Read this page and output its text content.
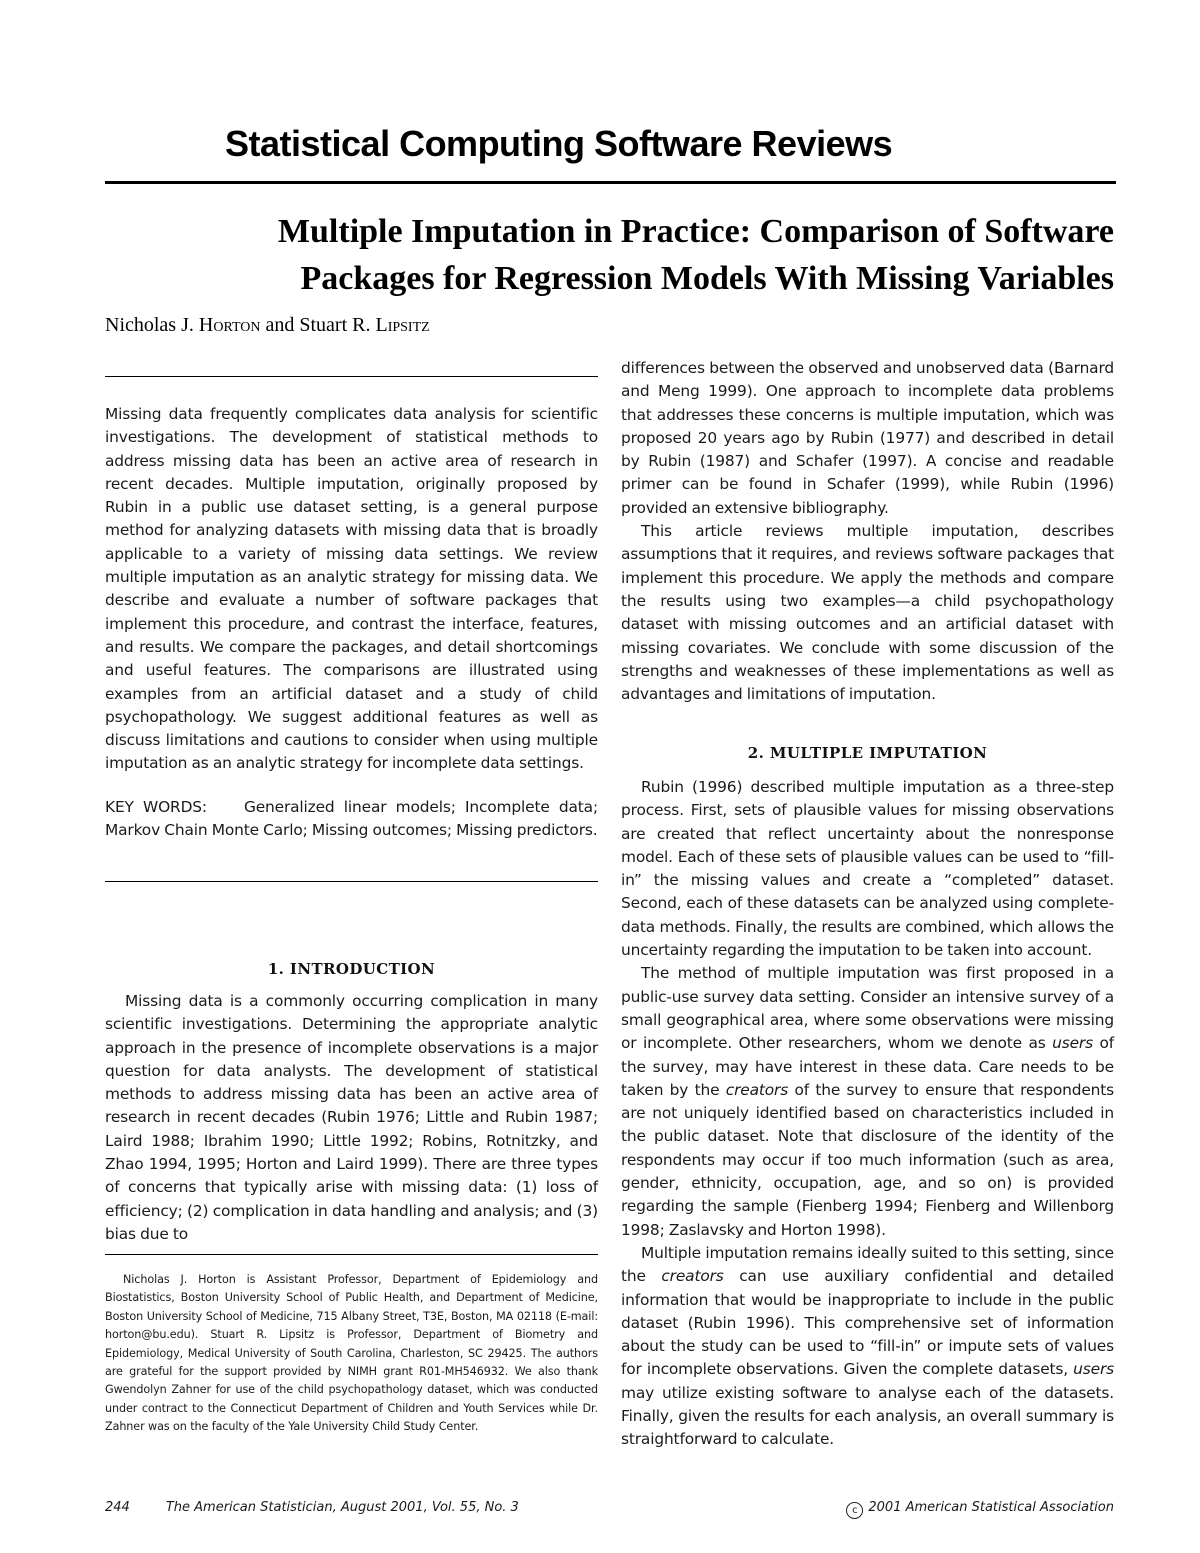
Statistical Computing Software Reviews
Multiple Imputation in Practice: Comparison of Software
Packages for Regression Models With Missing Variables

Nicholas J. Horton and Stuart R. Lipsitz

Missing data frequently complicates data analysis for scientific investigations. The development of statistical methods to address missing data has been an active area of research in recent decades. Multiple imputation, originally proposed by Rubin in a public use dataset setting, is a general purpose method for analyzing datasets with missing data that is broadly applicable to a variety of missing data settings. We review multiple imputation as an analytic strategy for missing data. We describe and evaluate a number of software packages that implement this procedure, and contrast the interface, features, and results. We compare the packages, and detail shortcomings and useful features. The comparisons are illustrated using examples from an artificial dataset and a study of child psychopathology. We suggest additional features as well as discuss limitations and cautions to consider when using multiple imputation as an analytic strategy for incomplete data settings.

KEY WORDS: Generalized linear models; Incomplete data; Markov Chain Monte Carlo; Missing outcomes; Missing predictors.

1. INTRODUCTION

Missing data is a commonly occurring complication in many scientific investigations. Determining the appropriate analytic approach in the presence of incomplete observations is a major question for data analysts. The development of statistical methods to address missing data has been an active area of research in recent decades (Rubin 1976; Little and Rubin 1987; Laird 1988; Ibrahim 1990; Little 1992; Robins, Rotnitzky, and Zhao 1994, 1995; Horton and Laird 1999). There are three types of concerns that typically arise with missing data: (1) loss of efficiency; (2) complication in data handling and analysis; and (3) bias due to

Nicholas J. Horton is Assistant Professor, Department of Epidemiology and Biostatistics, Boston University School of Public Health, and Department of Medicine, Boston University School of Medicine, 715 Albany Street, T3E, Boston, MA 02118 (E-mail: horton@bu.edu). Stuart R. Lipsitz is Professor, Department of Biometry and Epidemiology, Medical University of South Carolina, Charleston, SC 29425. The authors are grateful for the support provided by NIMH grant R01-MH546932. We also thank Gwendolyn Zahner for use of the child psychopathology dataset, which was conducted under contract to the Connecticut Department of Children and Youth Services while Dr. Zahner was on the faculty of the Yale University Child Study Center.

differences between the observed and unobserved data (Barnard and Meng 1999). One approach to incomplete data problems that addresses these concerns is multiple imputation, which was proposed 20 years ago by Rubin (1977) and described in detail by Rubin (1987) and Schafer (1997). A concise and readable primer can be found in Schafer (1999), while Rubin (1996) provided an extensive bibliography.

This article reviews multiple imputation, describes assumptions that it requires, and reviews software packages that implement this procedure. We apply the methods and compare the results using two examples—a child psychopathology dataset with missing outcomes and an artificial dataset with missing covariates. We conclude with some discussion of the strengths and weaknesses of these implementations as well as advantages and limitations of imputation.

2. MULTIPLE IMPUTATION

Rubin (1996) described multiple imputation as a three-step process. First, sets of plausible values for missing observations are created that reflect uncertainty about the nonresponse model. Each of these sets of plausible values can be used to “fill-in” the missing values and create a “completed” dataset. Second, each of these datasets can be analyzed using complete-data methods. Finally, the results are combined, which allows the uncertainty regarding the imputation to be taken into account.

The method of multiple imputation was first proposed in a public-use survey data setting. Consider an intensive survey of a small geographical area, where some observations were missing or incomplete. Other researchers, whom we denote as users of the survey, may have interest in these data. Care needs to be taken by the creators of the survey to ensure that respondents are not uniquely identified based on characteristics included in the public dataset. Note that disclosure of the identity of the respondents may occur if too much information (such as area, gender, ethnicity, occupation, age, and so on) is provided regarding the sample (Fienberg 1994; Fienberg and Willenborg 1998; Zaslavsky and Horton 1998).

Multiple imputation remains ideally suited to this setting, since the creators can use auxiliary confidential and detailed information that would be inappropriate to include in the public dataset (Rubin 1996). This comprehensive set of information about the study can be used to “fill-in” or impute sets of values for incomplete observations. Given the complete datasets, users may utilize existing software to analyse each of the datasets. Finally, given the results for each analysis, an overall summary is straightforward to calculate.

244	The American Statistician, August 2001, Vol. 55, No. 3	c 2001 American Statistical Association
